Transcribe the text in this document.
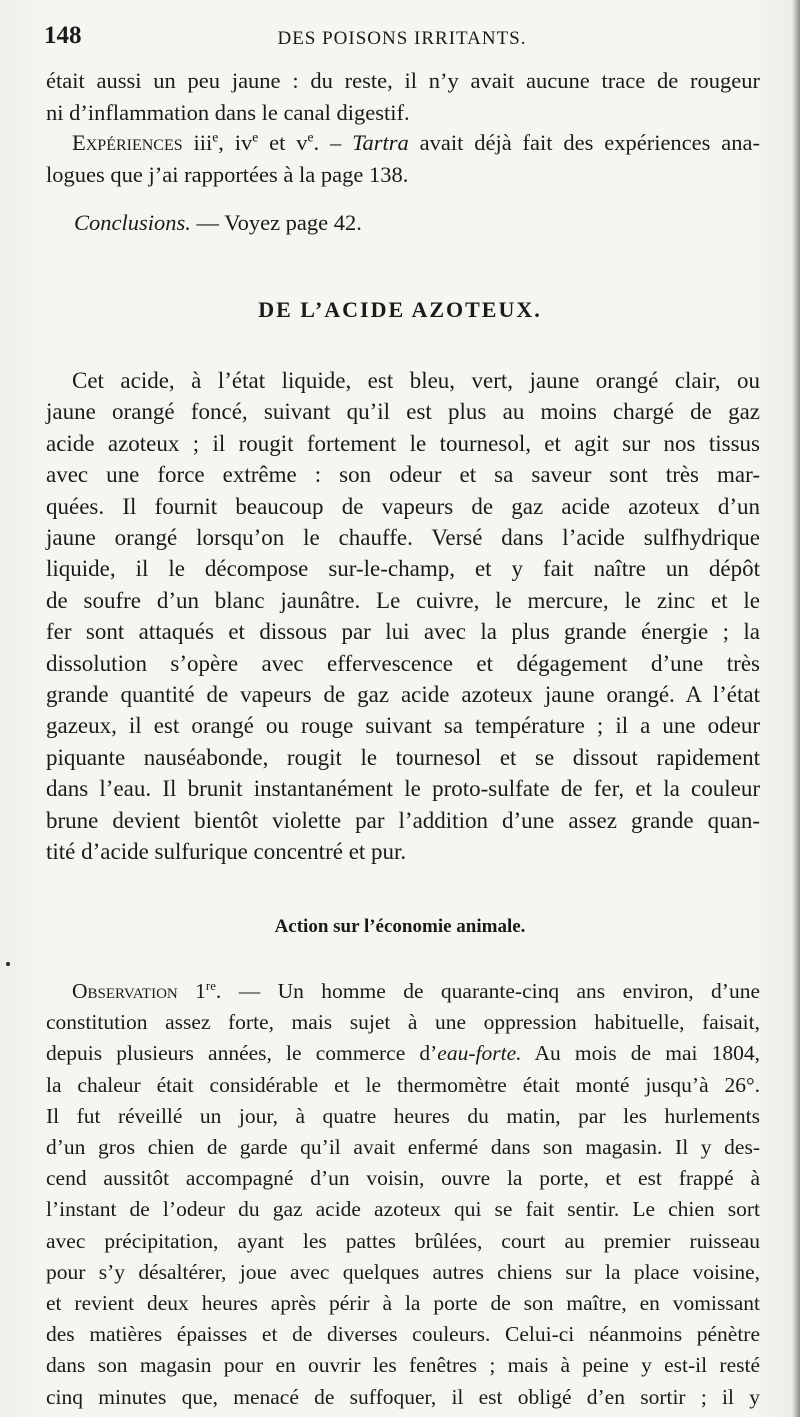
148	DES POISONS IRRITANTS.
était aussi un peu jaune : du reste, il n’y avait aucune trace de rougeur
ni d’inflammation dans le canal digestif.
Expériences iii$^e$, $iv^e$ et $v^e$. – Tartra avait déjà fait des expériences ana-
logues que j’ai rapportées à la page 138.
Conclusions. — Voyez page 42.
DE L’ACIDE AZOTEUX.
Cet acide, à l’état liquide, est bleu, vert, jaune orangé clair, ou
jaune orangé foncé, suivant qu’il est plus au moins chargé de gaz
acide azoteux ; il rougit fortement le tournesol, et agit sur nos tissus
avec une force extrême : son odeur et sa saveur sont très mar-
quées. Il fournit beaucoup de vapeurs de gaz acide azoteux d’un
jaune orangé lorsqu’on le chauffe. Versé dans l’acide sulfhydrique
liquide, il le décompose sur-le-champ, et y fait naître un dépôt
de soufre d’un blanc jaunâtre. Le cuivre, le mercure, le zinc et le
fer sont attaqués et dissous par lui avec la plus grande énergie ; la
dissolution s’opère avec effervescence et dégagement d’une très
grande quantité de vapeurs de gaz acide azoteux jaune orangé. A l’état
gazeux, il est orangé ou rouge suivant sa température ; il a une odeur
piquante nauséabonde, rougit le tournesol et se dissout rapidement
dans l’eau. Il brunit instantanément le proto-sulfate de fer, et la couleur
brune devient bientôt violette par l’addition d’une assez grande quan-
tité d’acide sulfurique concentré et pur.
Action sur l’économie animale.
Observation 1re. — Un homme de quarante-cinq ans environ, d’une
constitution assez forte, mais sujet à une oppression habituelle, faisait,
depuis plusieurs années, le commerce d’eau-forte. Au mois de mai 1804,
la chaleur était considérable et le thermomètre était monté jusqu’à 26°.
Il fut réveillé un jour, à quatre heures du matin, par les hurlements
d’un gros chien de garde qu’il avait enfermé dans son magasin. Il y des-
cend aussitôt accompagné d’un voisin, ouvre la porte, et est frappé à
l’instant de l’odeur du gaz acide azoteux qui se fait sentir. Le chien sort
avec précipitation, ayant les pattes brûlées, court au premier ruisseau
pour s’y désaltérer, joue avec quelques autres chiens sur la place voisine,
et revient deux heures après périr à la porte de son maître, en vomissant
des matières épaisses et de diverses couleurs. Celui-ci néanmoins pénètre
dans son magasin pour en ouvrir les fenêtres ; mais à peine y est-il resté
cinq minutes que, menacé de suffoquer, il est obligé d’en sortir ; il y
